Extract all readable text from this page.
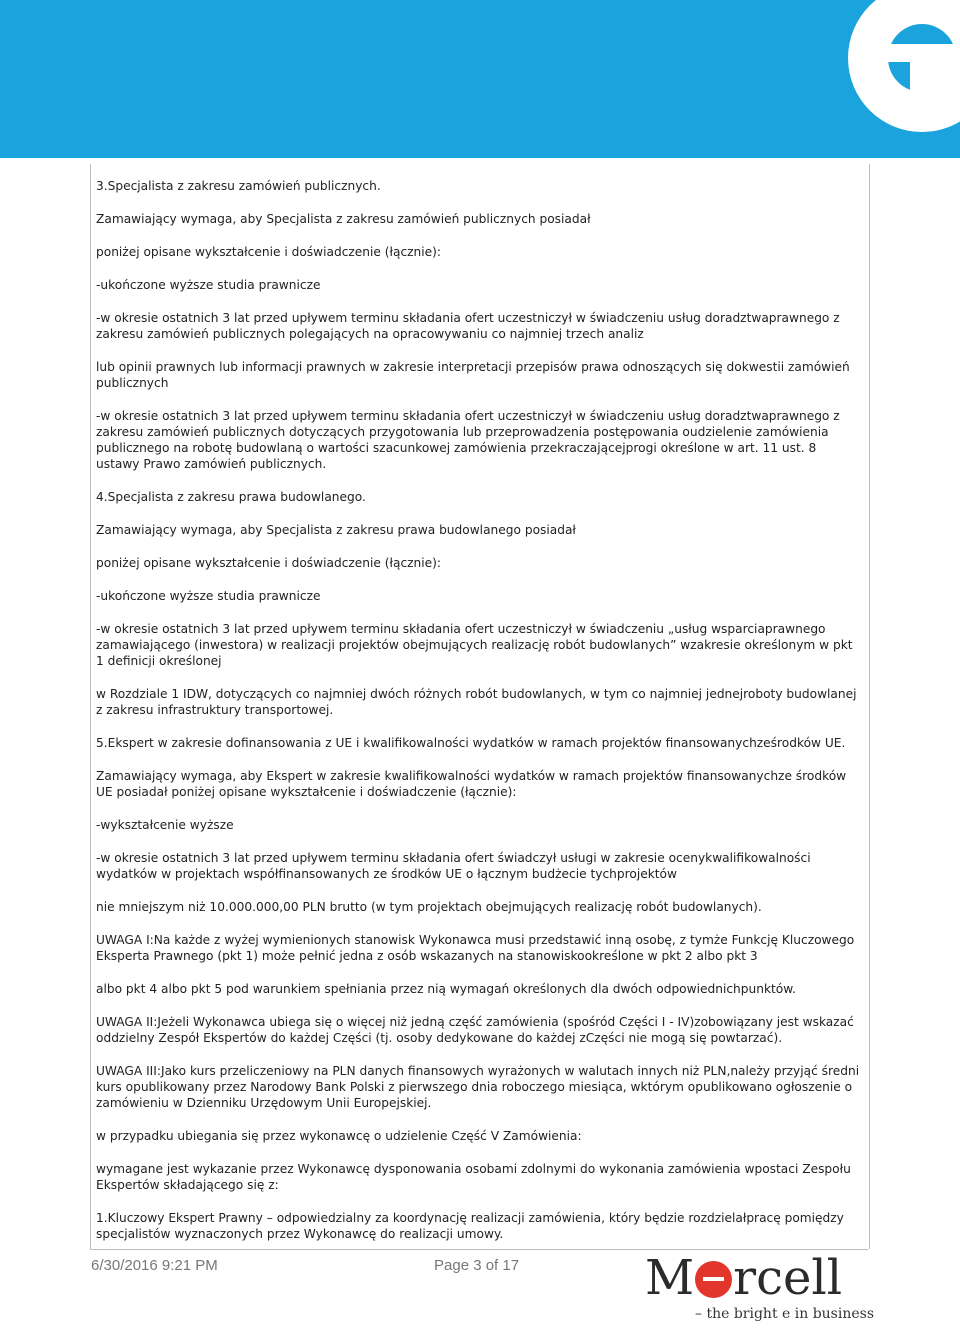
3.Specjalista z zakresu zamówień publicznych.

Zamawiający wymaga, aby Specjalista z zakresu zamówień publicznych posiadał

poniżej opisane wykształcenie i doświadczenie (łącznie):

-ukończone wyższe studia prawnicze

-w okresie ostatnich 3 lat przed upływem terminu składania ofert uczestniczył w świadczeniu usług doradztwaprawnego z zakresu zamówień publicznych polegających na opracowywaniu co najmniej trzech analiz

lub opinii prawnych lub informacji prawnych w zakresie interpretacji przepisów prawa odnoszących się dokwestii zamówień publicznych

-w okresie ostatnich 3 lat przed upływem terminu składania ofert uczestniczył w świadczeniu usług doradztwaprawnego z zakresu zamówień publicznych dotyczących przygotowania lub przeprowadzenia postępowania oudzielenie zamówienia publicznego na robotę budowlaną o wartości szacunkowej zamówienia przekraczającejprogi określone w art. 11 ust. 8 ustawy Prawo zamówień publicznych.

4.Specjalista z zakresu prawa budowlanego.

Zamawiający wymaga, aby Specjalista z zakresu prawa budowlanego posiadał

poniżej opisane wykształcenie i doświadczenie (łącznie):

-ukończone wyższe studia prawnicze

-w okresie ostatnich 3 lat przed upływem terminu składania ofert uczestniczył w świadczeniu „usług wsparciaprawnego zamawiającego (inwestora) w realizacji projektów obejmujących realizację robót budowlanych” wzakresie określonym w pkt 1 definicji określonej

w Rozdziale 1 IDW, dotyczących co najmniej dwóch różnych robót budowlanych, w tym co najmniej jednejroboty budowlanej z zakresu infrastruktury transportowej.

5.Ekspert w zakresie dofinansowania z UE i kwalifikowalności wydatków w ramach projektów finansowanychześrodków UE.

Zamawiający wymaga, aby Ekspert w zakresie kwalifikowalności wydatków w ramach projektów finansowanychze środków UE posiadał poniżej opisane wykształcenie i doświadczenie (łącznie):

-wykształcenie wyższe

-w okresie ostatnich 3 lat przed upływem terminu składania ofert świadczył usługi w zakresie ocenykwalifikowalności wydatków w projektach współfinansowanych ze środków UE o łącznym budżecie tychprojektów

nie mniejszym niż 10.000.000,00 PLN brutto (w tym projektach obejmujących realizację robót budowlanych).

UWAGA I:Na każde z wyżej wymienionych stanowisk Wykonawca musi przedstawić inną osobę, z tymże Funkcję Kluczowego Eksperta Prawnego (pkt 1) może pełnić jedna z osób wskazanych na stanowiskookreślone w pkt 2 albo pkt 3

albo pkt 4 albo pkt 5 pod warunkiem spełniania przez nią wymagań określonych dla dwóch odpowiednichpunktów.

UWAGA II:Jeżeli Wykonawca ubiega się o więcej niż jedną część zamówienia (spośród Części I - IV)zobowiązany jest wskazać oddzielny Zespół Ekspertów do każdej Części (tj. osoby dedykowane do każdej zCzęści nie mogą się powtarzać).

UWAGA III:Jako kurs przeliczeniowy na PLN danych finansowych wyrażonych w walutach innych niż PLN,należy przyjąć średni kurs opublikowany przez Narodowy Bank Polski z pierwszego dnia roboczego miesiąca, wktórym opublikowano ogłoszenie o zamówieniu w Dzienniku Urzędowym Unii Europejskiej.

w przypadku ubiegania się przez wykonawcę o udzielenie Część V Zamówienia:

wymagane jest wykazanie przez Wykonawcę dysponowania osobami zdolnymi do wykonania zamówienia wpostaci Zespołu Ekspertów składającego się z:

1.Kluczowy Ekspert Prawny – odpowiedzialny za koordynację realizacji zamówienia, który będzie rozdzielałpracę pomiędzy specjalistów wyznaczonych przez Wykonawcę do realizacji umowy.

6/30/2016 9:21 PM	Page 3 of 17	M rcell
– the bright e in business
